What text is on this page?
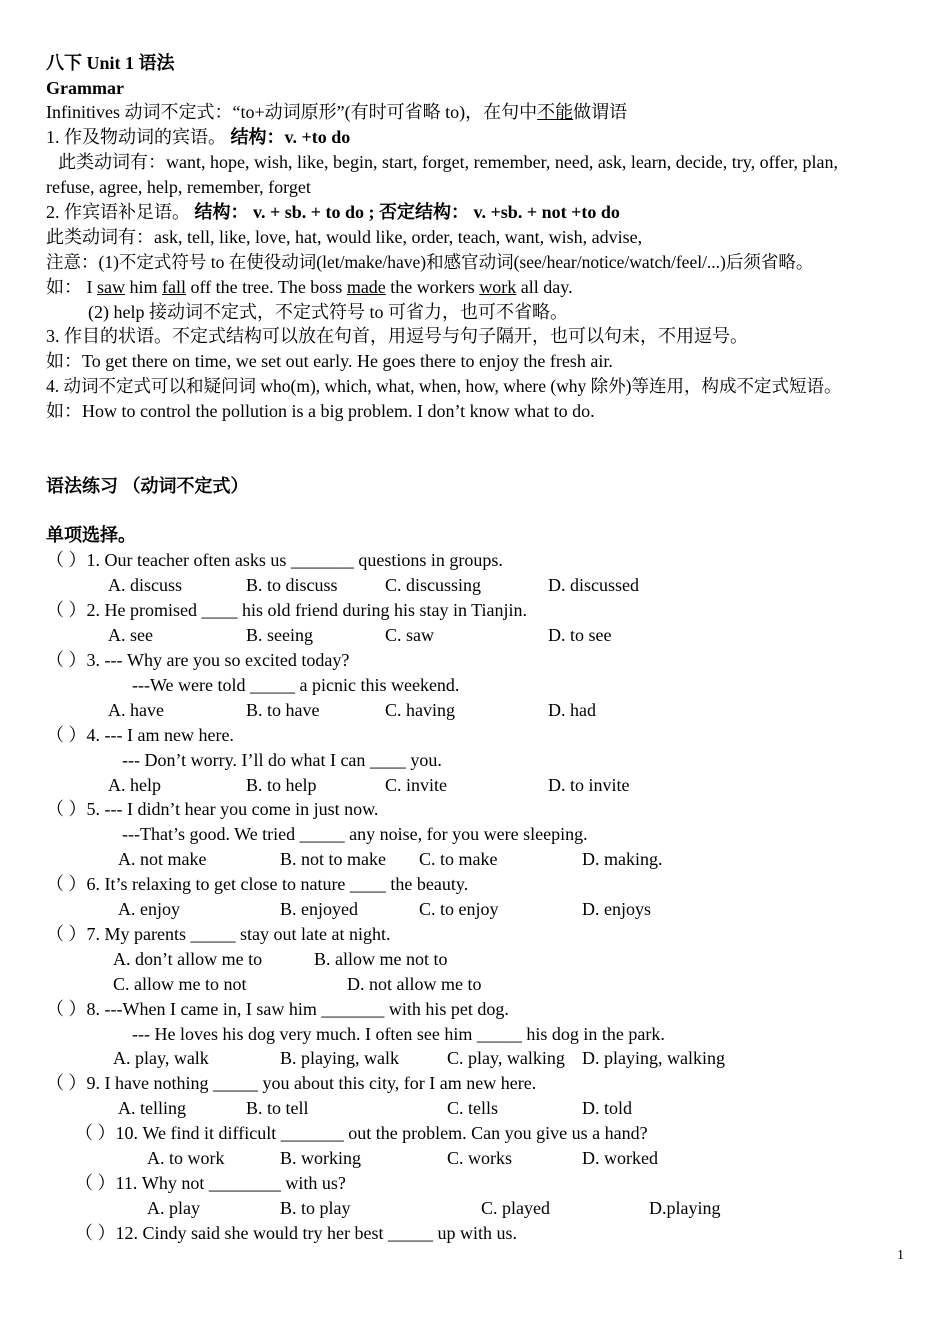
八下 Unit 1 语法
Grammar
Infinitives 动词不定式：“to+动词原形”(有时可省略 to)，在句中不能做谓语
1. 作及物动词的宾语。 结构：v. +to do
此类动词有：want, hope, wish, like, begin, start, forget, remember, need, ask, learn, decide, try, offer, plan,
refuse, agree, help, remember, forget
2. 作宾语补足语。 结构： v. + sb. + to do ; 否定结构： v. +sb. + not +to do
此类动词有：ask, tell, like, love, hat, would like, order, teach, want, wish, advise,
注意：(1)不定式符号 to 在使役动词(let/make/have)和感官动词(see/hear/notice/watch/feel/...)后须省略。
如： I saw him fall off the tree. The boss made the workers work all day.
(2) help 接动词不定式，不定式符号 to 可省力，也可不省略。
3. 作目的状语。不定式结构可以放在句首，用逗号与句子隔开，也可以句末，不用逗号。
如：To get there on time, we set out early. He goes there to enjoy the fresh air.
4. 动词不定式可以和疑问词 who(m), which, what, when, how, where (why 除外)等连用，构成不定式短语。
如：How to control the pollution is a big problem. I don’t know what to do.
语法练习 （动词不定式）
单项选择。
（ ）1. Our teacher often asks us _______ questions in groups.
A. discuss	B. to discuss	C. discussing	D. discussed
（ ）2. He promised ____ his old friend during his stay in Tianjin.
A. see	B. seeing	C. saw	D. to see
（ ）3. --- Why are you so excited today?
---We were told _____ a picnic this weekend.
A. have	B. to have	C. having	D. had
（ ）4. --- I am new here.
--- Don’t worry. I’ll do what I can ____ you.
A. help	B. to help	C. invite	D. to invite
（ ）5. --- I didn’t hear you come in just now.
---That’s good. We tried _____ any noise, for you were sleeping.
A. not make	B. not to make C. to make	D. making.
（ ）6. It’s relaxing to get close to nature ____ the beauty.
A. enjoy	B. enjoyed	C. to enjoy	D. enjoys
（ ）7. My parents _____ stay out late at night.
A. don’t allow me to	B. allow me not to
C. allow me to not	D. not allow me to
（ ）8. ---When I came in, I saw him _______ with his pet dog.
--- He loves his dog very much. I often see him _____ his dog in the park.
A. play, walk	B. playing, walk	C. play, walking D. playing, walking
（ ）9. I have nothing _____ you about this city, for I am new here.
A. telling	B. to tell	C. tells	D. told
（ ）10. We find it difficult _______ out the problem. Can you give us a hand?
A. to work	B. working	C. works	D. worked
（ ）11. Why not ________ with us?
A. play	B. to play	C. played	D.playing
（ ）12. Cindy said she would try her best _____ up with us.
1
